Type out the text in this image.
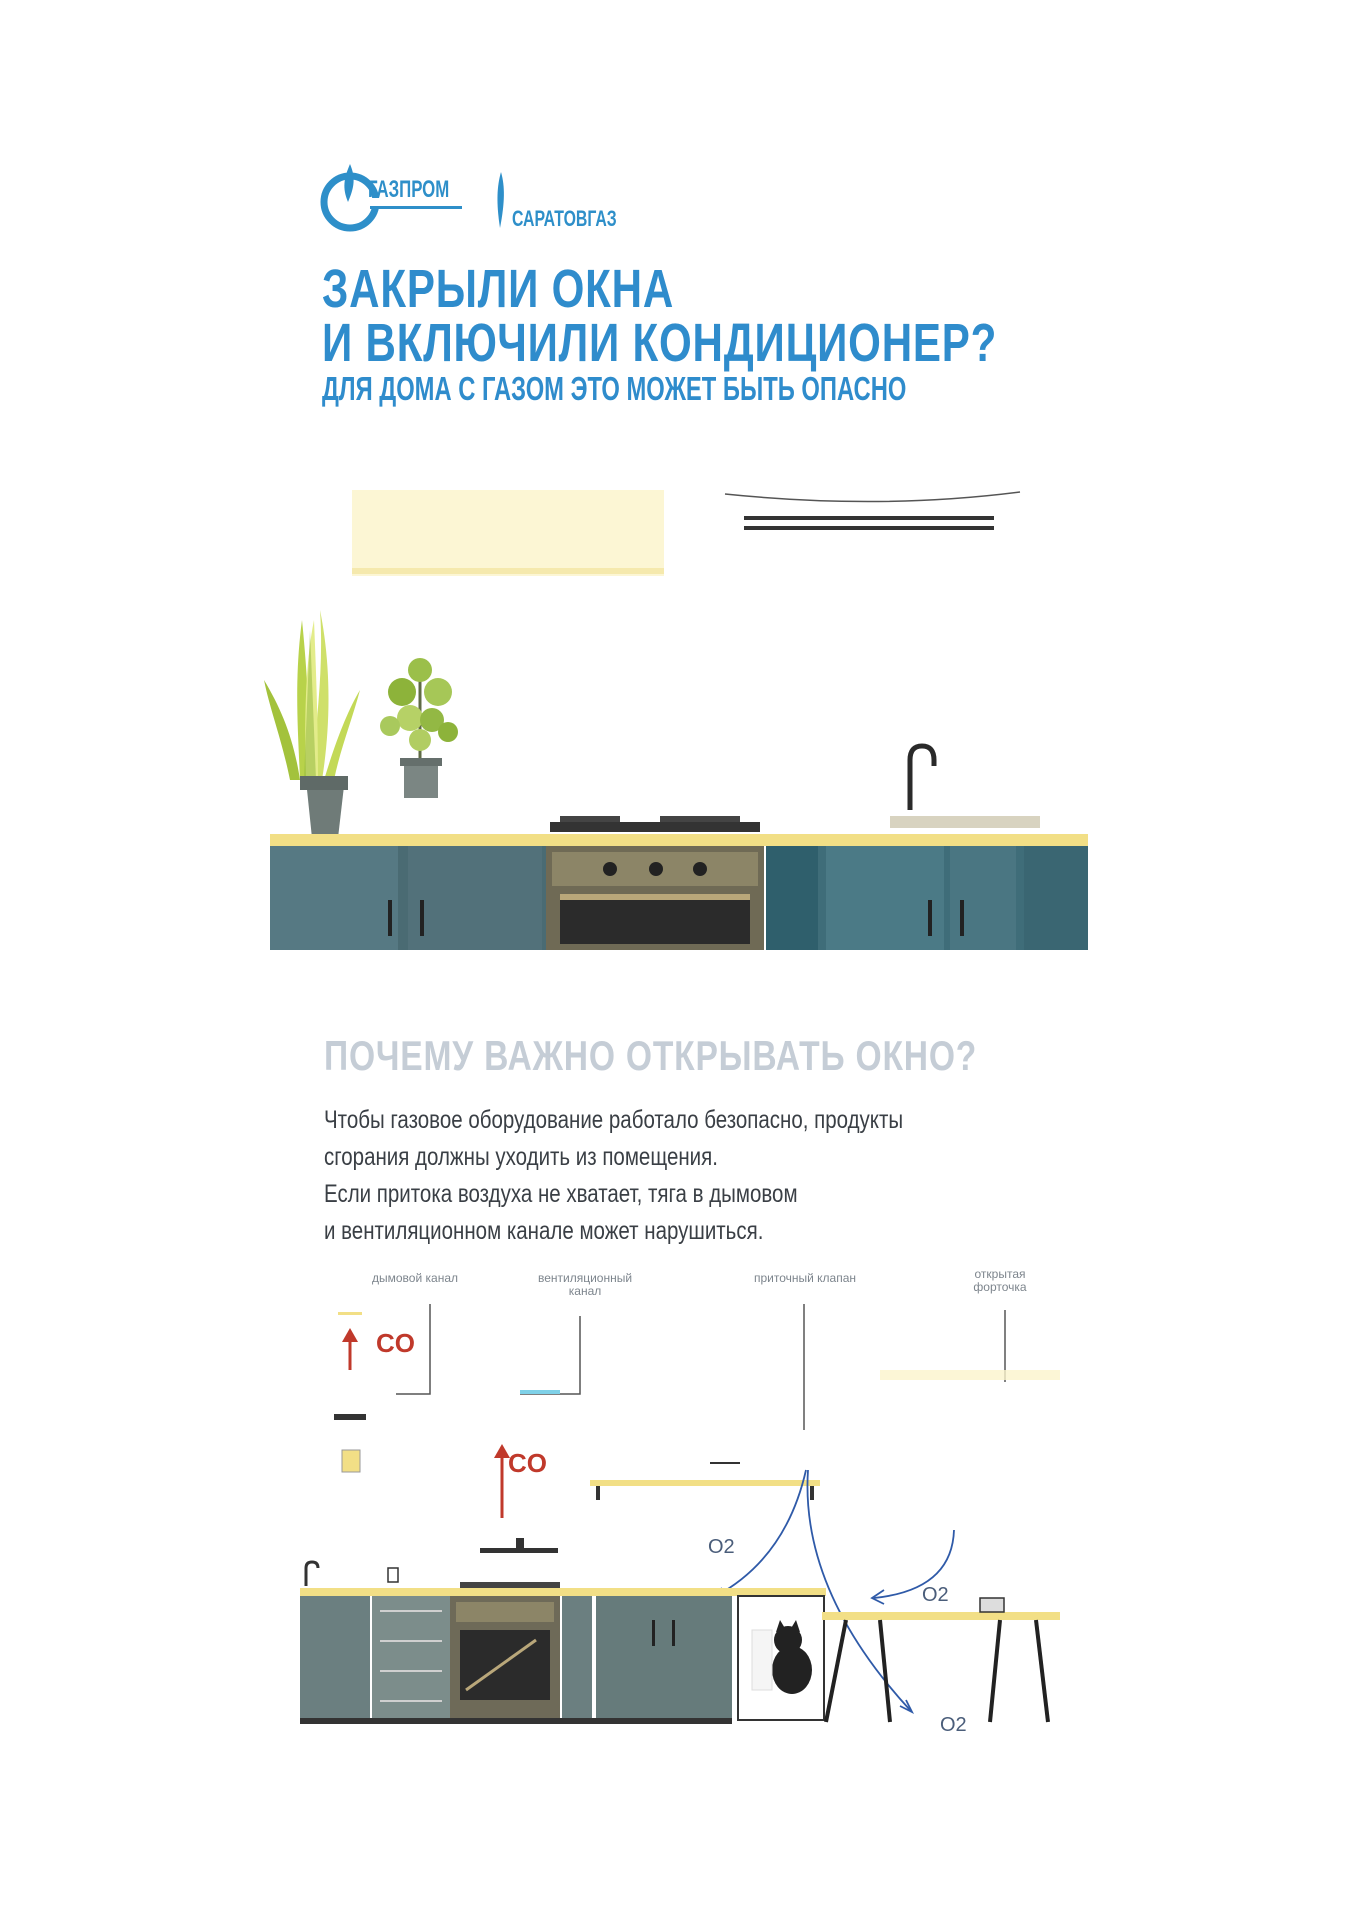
ГАЗПРОМ
САРАТОВГАЗ
ЗАКРЫЛИ ОКНА
И ВКЛЮЧИЛИ КОНДИЦИОНЕР?
ДЛЯ ДОМА С ГАЗОМ ЭТО МОЖЕТ БЫТЬ ОПАСНО
ПОЧЕМУ ВАЖНО ОТКРЫВАТЬ ОКНО?
Чтобы газовое оборудование работало безопасно, продукты
сгорания должны уходить из помещения.
Если притока воздуха не хватает, тяга в дымовом
и вентиляционном канале может нарушиться.
дымовой канал	вентиляционный
канал
приточный клапан	открытая
форточка
CO
CO
O2
O2
O2
